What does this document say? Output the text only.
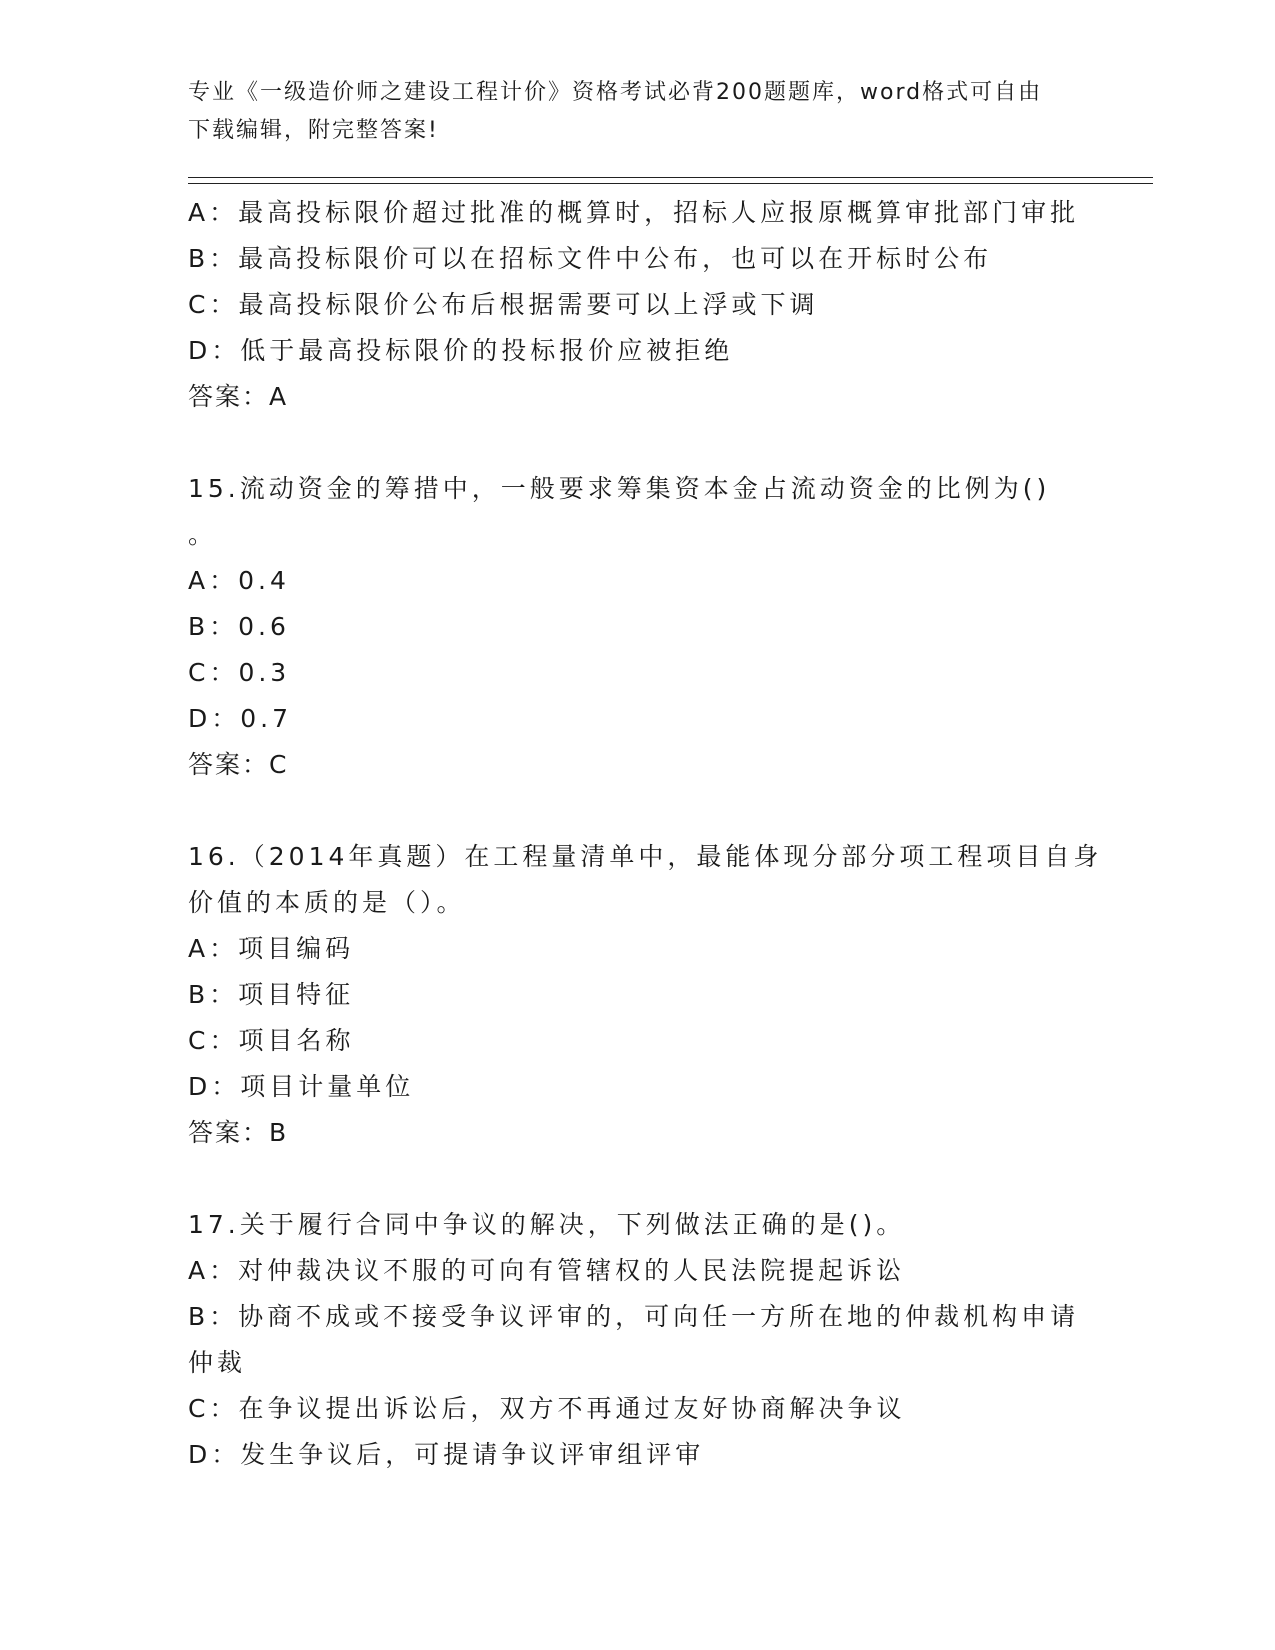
专业《一级造价师之建设工程计价》资格考试必背200题题库，word格式可自由
下载编辑，附完整答案!
A：最高投标限价超过批准的概算时，招标人应报原概算审批部门审批
B：最高投标限价可以在招标文件中公布，也可以在开标时公布
C：最高投标限价公布后根据需要可以上浮或下调
D：低于最高投标限价的投标报价应被拒绝
答案：A
15.流动资金的筹措中，一般要求筹集资本金占流动资金的比例为()
。
A：0.4
B：0.6
C：0.3
D：0.7
答案：C
16.（2014年真题）在工程量清单中，最能体现分部分项工程项目自身
价值的本质的是（）。
A：项目编码
B：项目特征
C：项目名称
D：项目计量单位
答案：B
17.关于履行合同中争议的解决，下列做法正确的是()。
A：对仲裁决议不服的可向有管辖权的人民法院提起诉讼
B：协商不成或不接受争议评审的，可向任一方所在地的仲裁机构申请
仲裁
C：在争议提出诉讼后，双方不再通过友好协商解决争议
D：发生争议后，可提请争议评审组评审
